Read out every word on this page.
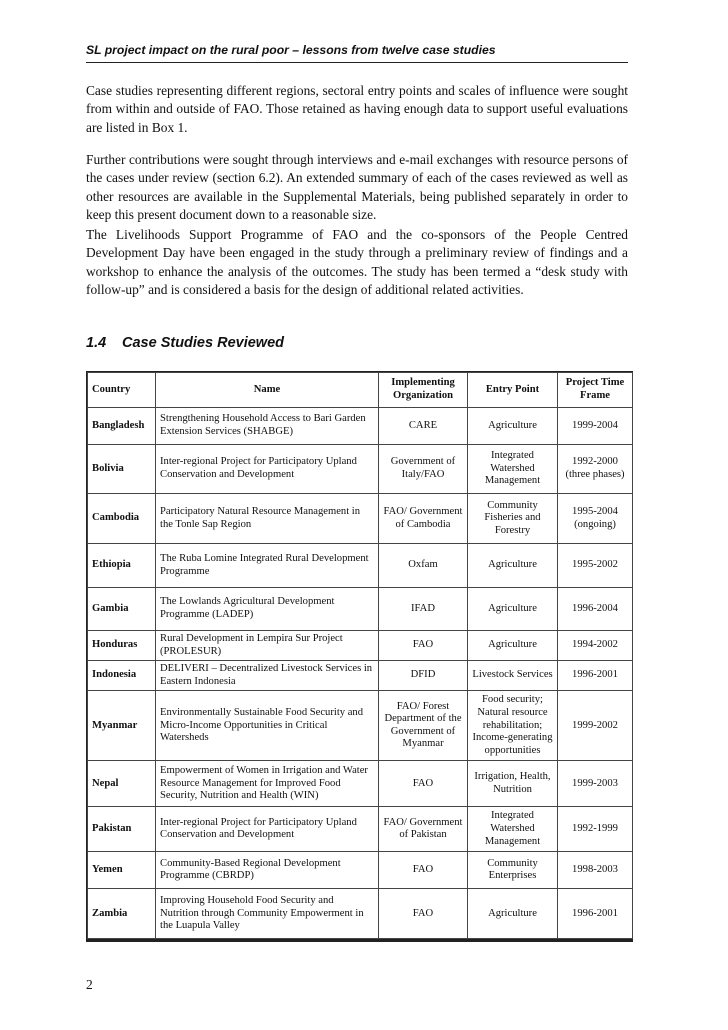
SL project impact on the rural poor – lessons from twelve case studies

Case studies representing different regions, sectoral entry points and scales of influence were sought from within and outside of FAO. Those retained as having enough data to support useful evaluations are listed in Box 1.

Further contributions were sought through interviews and e-mail exchanges with resource persons of the cases under review (section 6.2). An extended summary of each of the cases reviewed as well as other resources are available in the Supplemental Materials, being published separately in order to keep this present document down to a reasonable size.

The Livelihoods Support Programme of FAO and the co-sponsors of the People Centred Development Day have been engaged in the study through a preliminary review of findings and a workshop to enhance the analysis of the outcomes. The study has been termed a “desk study with follow-up” and is considered a basis for the design of additional related activities.

1.4 Case Studies Reviewed
Country	Name	Implementing Organization	Entry Point	Project Time Frame
Bangladesh	Strengthening Household Access to Bari Garden Extension Services (SHABGE)	CARE	Agriculture	1999-2004
Bolivia	Inter-regional Project for Participatory Upland Conservation and Development	Government of Italy/FAO	Integrated Watershed Management	1992-2000 (three phases)
Cambodia	Participatory Natural Resource Management in the Tonle Sap Region	FAO/ Government of Cambodia	Community Fisheries and Forestry	1995-2004 (ongoing)
Ethiopia	The Ruba Lomine Integrated Rural Development Programme	Oxfam	Agriculture	1995-2002
Gambia	The Lowlands Agricultural Development Programme (LADEP)	IFAD	Agriculture	1996-2004
Honduras	Rural Development in Lempira Sur Project (PROLESUR)	FAO	Agriculture	1994-2002
Indonesia	DELIVERI – Decentralized Livestock Services in Eastern Indonesia	DFID	Livestock Services	1996-2001
Myanmar	Environmentally Sustainable Food Security and Micro-Income Opportunities in Critical Watersheds	FAO/ Forest Department of the Government of Myanmar	Food security; Natural resource rehabilitation; Income-generating opportunities	1999-2002
Nepal	Empowerment of Women in Irrigation and Water Resource Management for Improved Food Security, Nutrition and Health (WIN)	FAO	Irrigation, Health, Nutrition	1999-2003
Pakistan	Inter-regional Project for Participatory Upland Conservation and Development	FAO/ Government of Pakistan	Integrated Watershed Management	1992-1999
Yemen	Community-Based Regional Development Programme (CBRDP)	FAO	Community Enterprises	1998-2003
Zambia	Improving Household Food Security and Nutrition through Community Empowerment in the Luapula Valley	FAO	Agriculture	1996-2001
2
